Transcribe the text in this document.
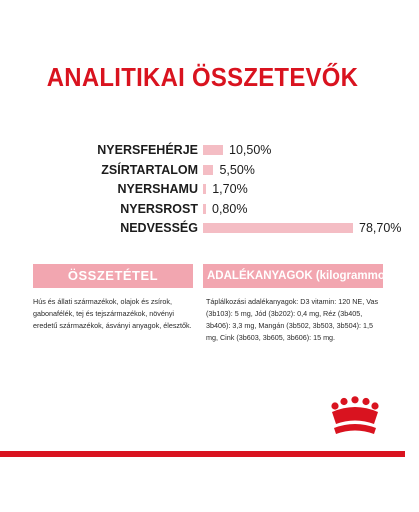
ANALITIKAI ÖSSZETEVŐK
NYERSFEHÉRJE 10,50%
ZSÍRTARTALOM 5,50%
NYERSHAMU 1,70%
NYERSROST 0,80%
NEDVESSÉG	78,70%
ÖSSZETÉTEL	ADALÉKANYAGOK (kilogrammonként)
Hús és állati származékok, olajok és zsírok, gabonafélék, tej és tejszármazékok, növényi eredetű származékok, ásványi anyagok, élesztők.
Táplálkozási adalékanyagok: D3 vitamin: 120 NE, Vas (3b103): 5 mg, Jód (3b202): 0,4 mg, Réz (3b405, 3b406): 3,3 mg, Mangán (3b502, 3b503, 3b504): 1,5 mg, Cink (3b603, 3b605, 3b606): 15 mg.
